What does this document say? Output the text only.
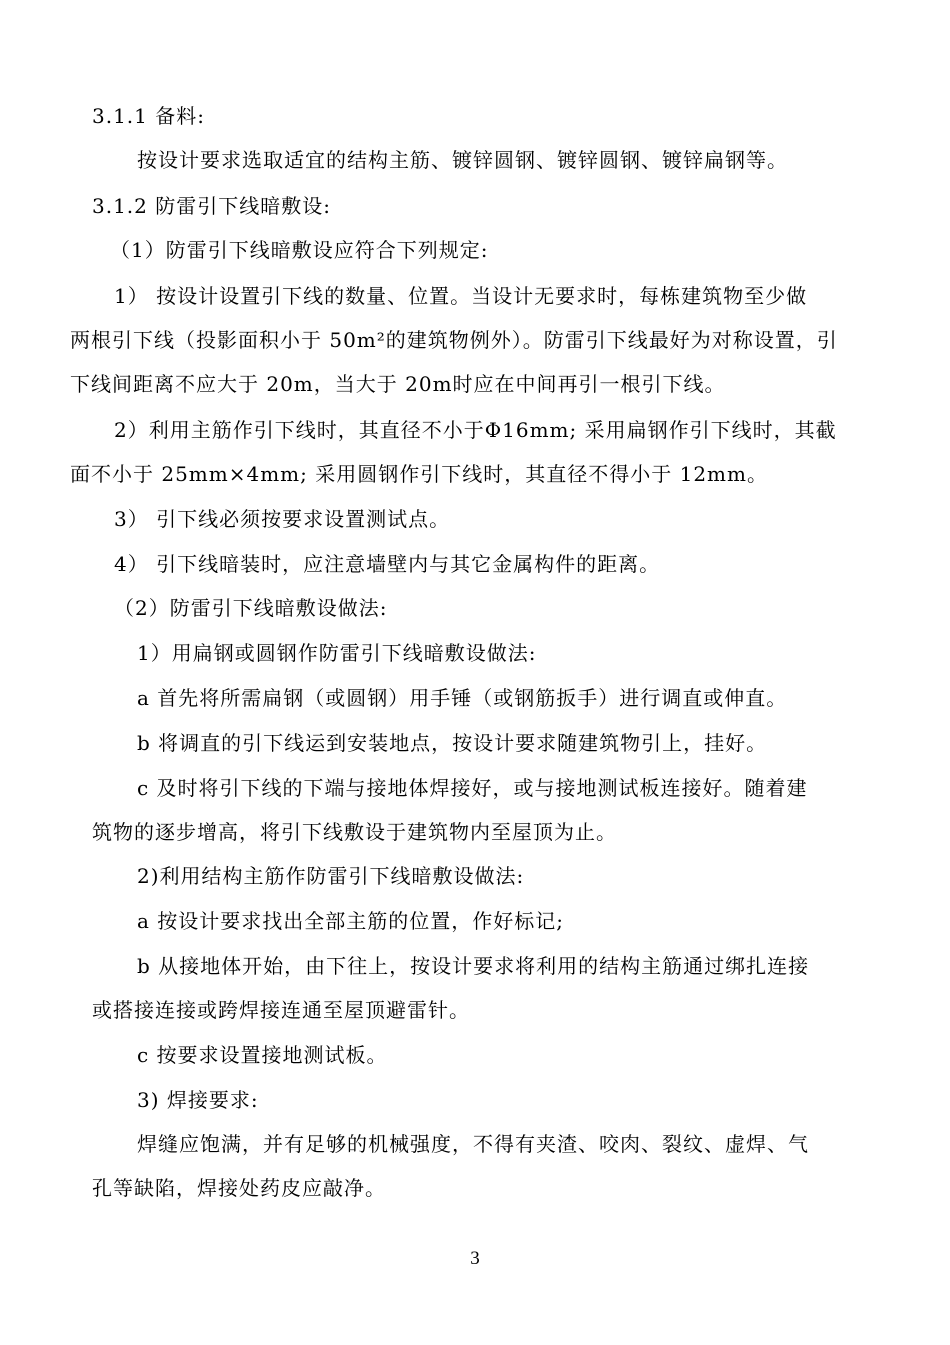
3.1.1 备料:
按设计要求选取适宜的结构主筋、镀锌圆钢、镀锌圆钢、镀锌扁钢等。
3.1.2 防雷引下线暗敷设:
（1）防雷引下线暗敷设应符合下列规定:
1） 按设计设置引下线的数量、位置。当设计无要求时，每栋建筑物至少做
两根引下线（投影面积小于 50m²的建筑物例外）。防雷引下线最好为对称设置，引
下线间距离不应大于 20m，当大于 20m时应在中间再引一根引下线。
2）利用主筋作引下线时，其直径不小于Φ16mm; 采用扁钢作引下线时，其截
面不小于 25mm×4mm; 采用圆钢作引下线时，其直径不得小于 12mm。
3） 引下线必须按要求设置测试点。
4） 引下线暗装时，应注意墙壁内与其它金属构件的距离。
（2）防雷引下线暗敷设做法:
1）用扁钢或圆钢作防雷引下线暗敷设做法:
a 首先将所需扁钢（或圆钢）用手锤（或钢筋扳手）进行调直或伸直。
b 将调直的引下线运到安装地点，按设计要求随建筑物引上，挂好。
c 及时将引下线的下端与接地体焊接好，或与接地测试板连接好。随着建
筑物的逐步增高，将引下线敷设于建筑物内至屋顶为止。
2)利用结构主筋作防雷引下线暗敷设做法:
a 按设计要求找出全部主筋的位置，作好标记;
b 从接地体开始，由下往上，按设计要求将利用的结构主筋通过绑扎连接
或搭接连接或跨焊接连通至屋顶避雷针。
c 按要求设置接地测试板。
3) 焊接要求:
焊缝应饱满，并有足够的机械强度，不得有夹渣、咬肉、裂纹、虚焊、气
孔等缺陷，焊接处药皮应敲净。
3
